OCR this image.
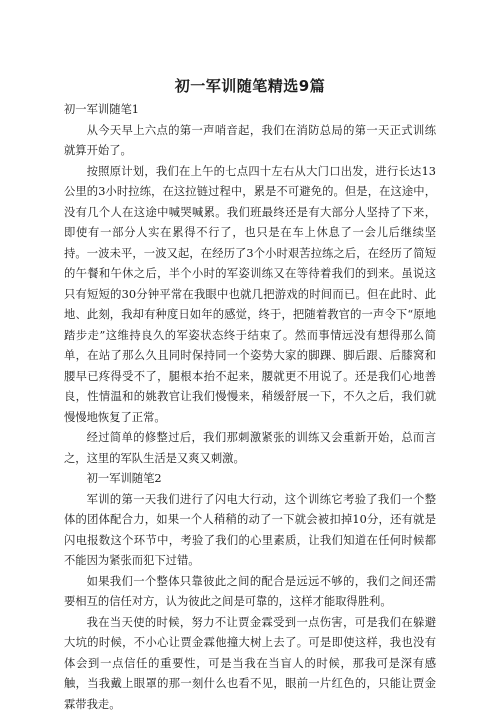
初一军训随笔精选9篇

初一军训随笔1

从今天早上六点的第一声哨音起，我们在消防总局的第一天正式训练就算开始了。

按照原计划，我们在上午的七点四十左右从大门口出发，进行长达13公里的3小时拉练，在这拉链过程中，累是不可避免的。但是，在这途中，没有几个人在这途中喊哭喊累。我们班最终还是有大部分人坚持了下来，即使有一部分人实在累得不行了，也只是在车上休息了一会儿后继续坚持。一波未平，一波又起，在经历了3个小时艰苦拉练之后，在经历了简短的午餐和午休之后，半个小时的军姿训练又在等待着我们的到来。虽说这只有短短的30分钟平常在我眼中也就几把游戏的时间而已。但在此时、此地、此刻，我却有种度日如年的感觉，终于，把随着教官的一声令下“原地踏步走”这维持良久的军姿状态终于结束了。然而事情远没有想得那么简单，在站了那么久且同时保持同一个姿势大家的脚踝、脚后跟、后膝窝和腰早已疼得受不了，腿根本抬不起来，腰就更不用说了。还是我们心地善良，性情温和的姚教官让我们慢慢来，稍缓舒展一下，不久之后，我们就慢慢地恢复了正常。

经过简单的修整过后，我们那刺激紧张的训练又会重新开始，总而言之，这里的军队生活是又爽又刺激。

初一军训随笔2

军训的第一天我们进行了闪电大行动，这个训练它考验了我们一个整体的团体配合力，如果一个人稍稍的动了一下就会被扣掉10分，还有就是闪电报数这个环节中，考验了我们的心里素质，让我们知道在任何时候都不能因为紧张而犯下过错。

如果我们一个整体只靠彼此之间的配合是远远不够的，我们之间还需要相互的信任对方，认为彼此之间是可靠的，这样才能取得胜利。

我在当天使的时候，努力不让贾金霖受到一点伤害，可是我们在躲避大坑的时候，不小心让贾金霖他撞大树上去了。可是即使这样，我也没有体会到一点信任的重要性，可是当我在当盲人的时候，那我可是深有感触，当我戴上眼罩的那一刻什么也看不见，眼前一片红色的，只能让贾金霖带我走。
